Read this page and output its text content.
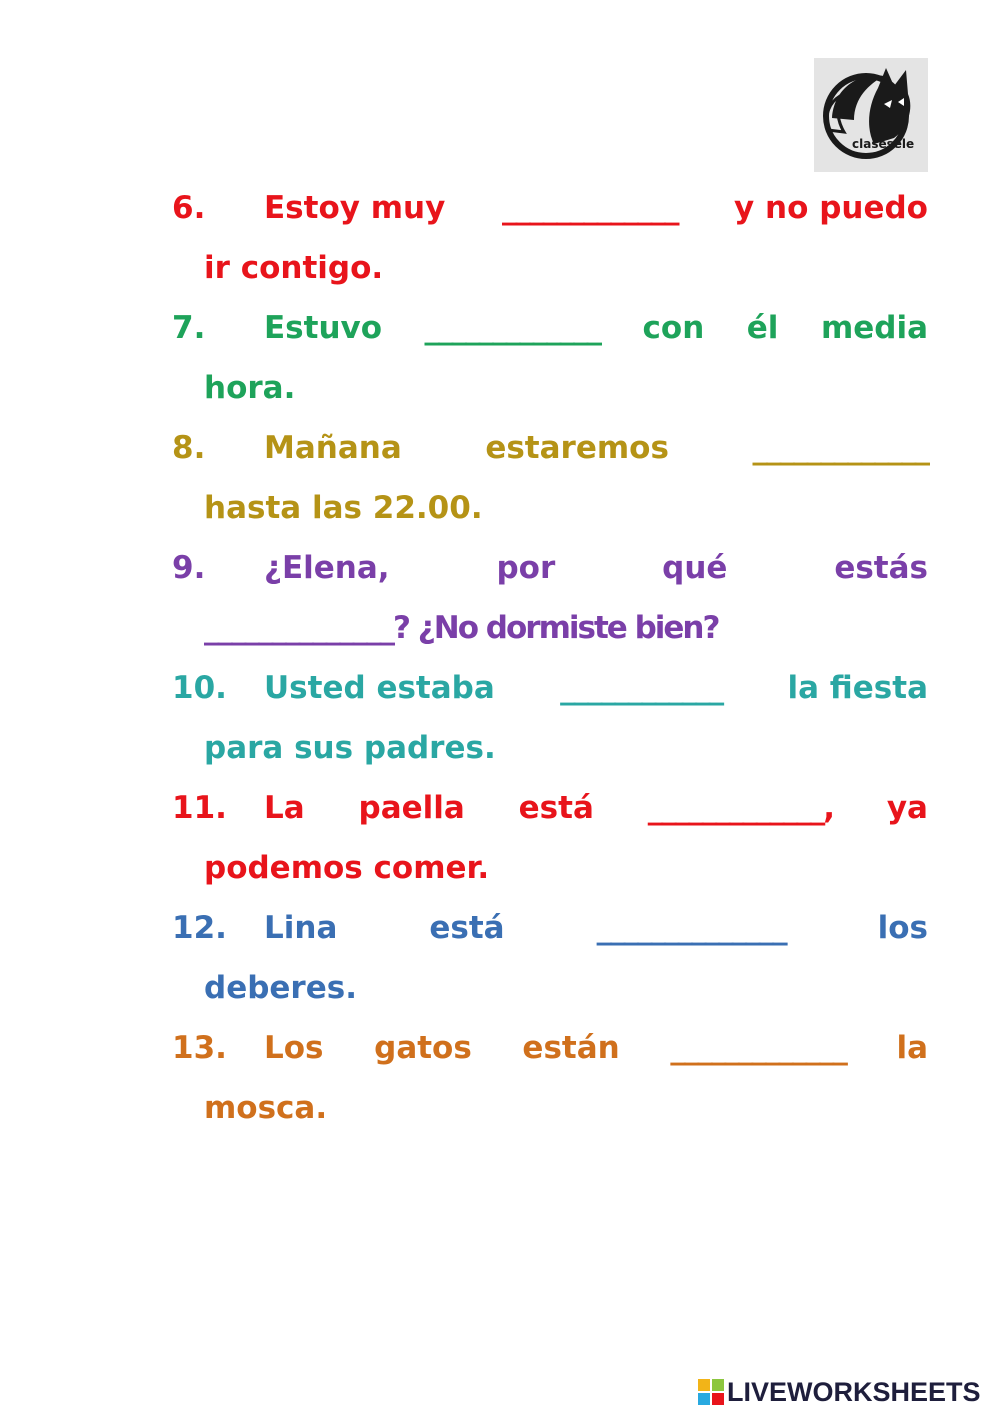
clasesele
6.	Estoy muy _____________ y no puedo
ir contigo.
7.	Estuvo _____________ con él media
hora.
8.	Mañana	estaremos	_____________
hasta las 22.00.
9.	¿Elena,	por	qué	estás
______________? ¿No dormiste bien?
10.	Usted estaba ____________ la fiesta
para sus padres.
11.	La paella está _____________, ya
podemos comer.
12.	Lina	está	______________	los
deberes.
13.	Los gatos están _____________ la
mosca.
LIVEWORKSHEETS
